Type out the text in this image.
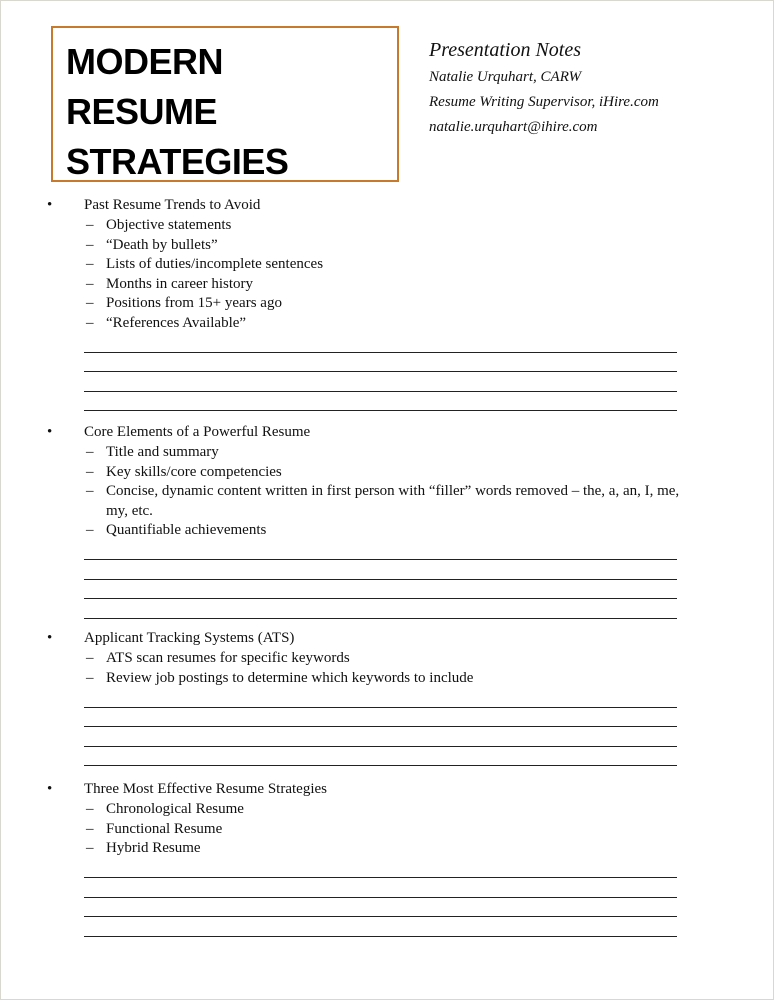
MODERN
RESUME
STRATEGIES
Presentation Notes
Natalie Urquhart, CARW
Resume Writing Supervisor, iHire.com
natalie.urquhart@ihire.com
• Past Resume Trends to Avoid
– Objective statements
– “Death by bullets”
– Lists of duties/incomplete sentences
– Months in career history
– Positions from 15+ years ago
– “References Available”
• Core Elements of a Powerful Resume
– Title and summary
– Key skills/core competencies
– Concise, dynamic content written in first person with “filler” words removed – the, a, an, I, me, my, etc.
– Quantifiable achievements
• Applicant Tracking Systems (ATS)
– ATS scan resumes for specific keywords
– Review job postings to determine which keywords to include
• Three Most Effective Resume Strategies
– Chronological Resume
– Functional Resume
– Hybrid Resume
